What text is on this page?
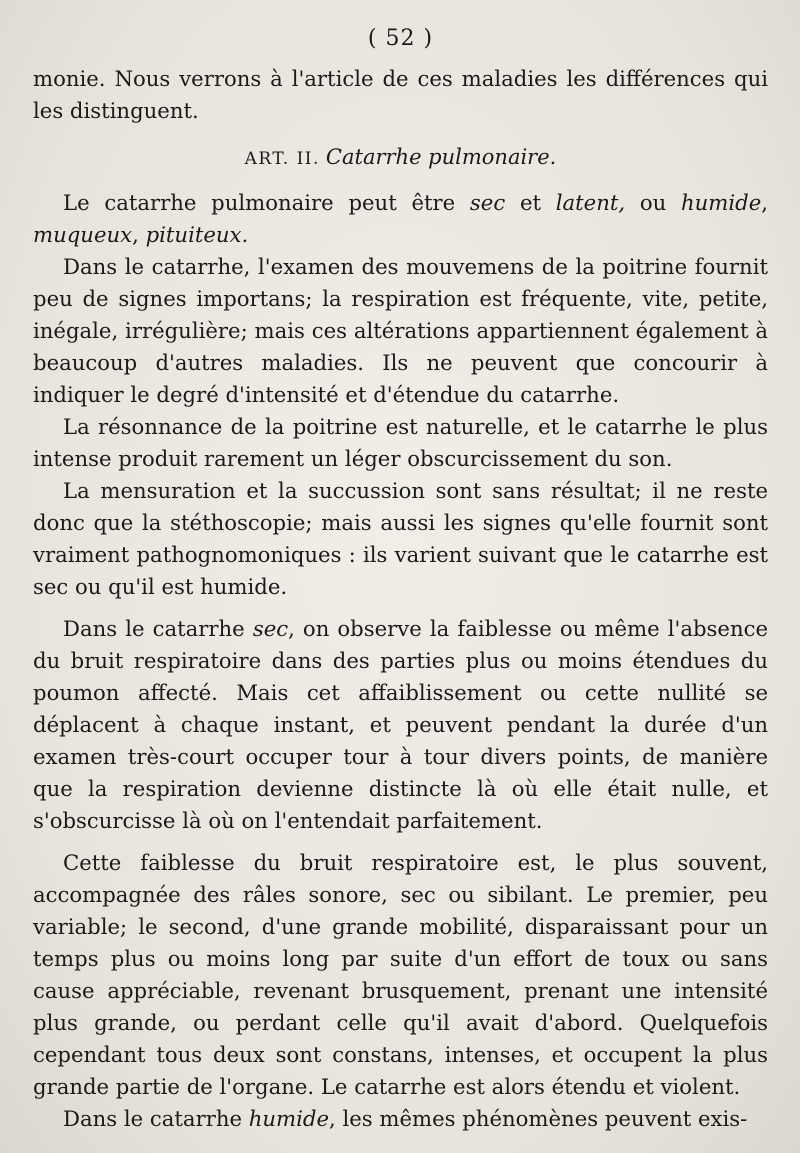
( 52 )

monie. Nous verrons à l'article de ces maladies les différences qui les distinguent.

ART. II. Catarrhe pulmonaire.

Le catarrhe pulmonaire peut être sec et latent, ou humide, muqueux, pituiteux.

Dans le catarrhe, l'examen des mouvemens de la poitrine fournit peu de signes importans; la respiration est fréquente, vite, petite, inégale, irrégulière; mais ces altérations appartiennent également à beaucoup d'autres maladies. Ils ne peuvent que concourir à indiquer le degré d'intensité et d'étendue du catarrhe.

La résonnance de la poitrine est naturelle, et le catarrhe le plus intense produit rarement un léger obscurcissement du son.

La mensuration et la succussion sont sans résultat; il ne reste donc que la stéthoscopie; mais aussi les signes qu'elle fournit sont vraiment pathognomoniques : ils varient suivant que le catarrhe est sec ou qu'il est humide.

Dans le catarrhe sec, on observe la faiblesse ou même l'absence du bruit respiratoire dans des parties plus ou moins étendues du poumon affecté. Mais cet affaiblissement ou cette nullité se déplacent à chaque instant, et peuvent pendant la durée d'un examen très-court occuper tour à tour divers points, de manière que la respiration devienne distincte là où elle était nulle, et s'obscurcisse là où on l'entendait parfaitement.

Cette faiblesse du bruit respiratoire est, le plus souvent, accompagnée des râles sonore, sec ou sibilant. Le premier, peu variable; le second, d'une grande mobilité, disparaissant pour un temps plus ou moins long par suite d'un effort de toux ou sans cause appréciable, revenant brusquement, prenant une intensité plus grande, ou perdant celle qu'il avait d'abord. Quelquefois cependant tous deux sont constans, intenses, et occupent la plus grande partie de l'organe. Le catarrhe est alors étendu et violent.

Dans le catarrhe humide, les mêmes phénomènes peuvent exis-
